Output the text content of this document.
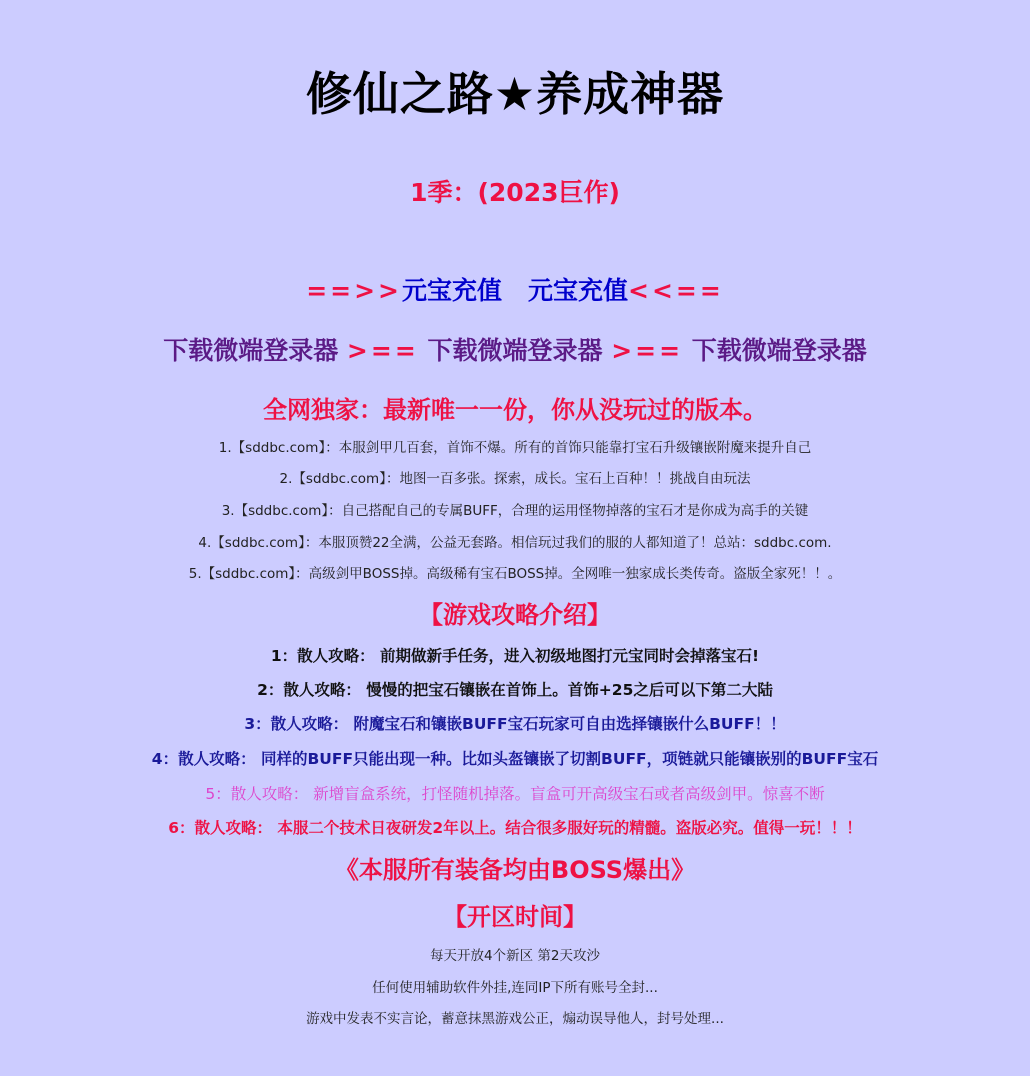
修仙之路★养成神器
1季：(2023巨作)
==>>元宝充值 元宝充值<<==
下载微端登录器 >== 下载微端登录器 >== 下载微端登录器
全网独家：最新唯一一份，你从没玩过的版本。
1.【sddbc.com】：本服剑甲几百套，首饰不爆。所有的首饰只能靠打宝石升级镶嵌附魔来提升自己
2.【sddbc.com】：地图一百多张。探索，成长。宝石上百种！！挑战自由玩法
3.【sddbc.com】：自己搭配自己的专属BUFF，合理的运用怪物掉落的宝石才是你成为高手的关键
4.【sddbc.com】：本服顶赞22全满，公益无套路。相信玩过我们的服的人都知道了！总站：sddbc.com.
5.【sddbc.com】：高级剑甲BOSS掉。高级稀有宝石BOSS掉。全网唯一独家成长类传奇。盗版全家死！！。
【游戏攻略介绍】
1：散人攻略： 前期做新手任务，进入初级地图打元宝同时会掉落宝石!
2：散人攻略： 慢慢的把宝石镶嵌在首饰上。首饰+25之后可以下第二大陆
3：散人攻略： 附魔宝石和镶嵌BUFF宝石玩家可自由选择镶嵌什么BUFF！！
4：散人攻略： 同样的BUFF只能出现一种。比如头盔镶嵌了切割BUFF，项链就只能镶嵌别的BUFF宝石
5：散人攻略： 新增盲盒系统，打怪随机掉落。盲盒可开高级宝石或者高级剑甲。惊喜不断
6：散人攻略： 本服二个技术日夜研发2年以上。结合很多服好玩的精髓。盗版必究。值得一玩！！！
《本服所有装备均由BOSS爆出》
【开区时间】
每天开放4个新区 第2天攻沙
任何使用辅助软件外挂,连同IP下所有账号全封...
游戏中发表不实言论，蓄意抹黑游戏公正，煽动误导他人，封号处理...
